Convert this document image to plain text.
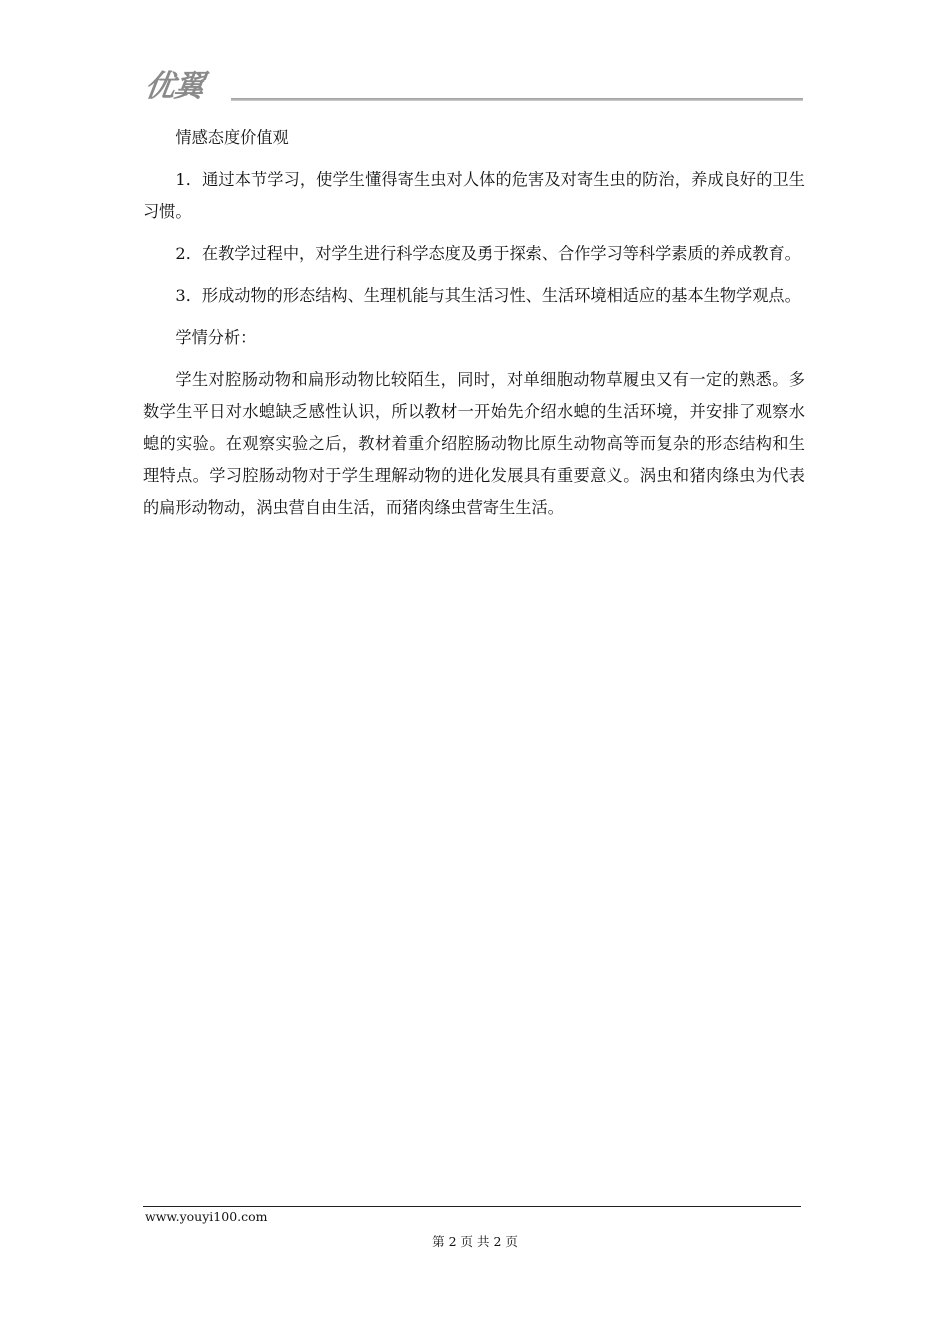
优翼

情感态度价值观

1．通过本节学习，使学生懂得寄生虫对人体的危害及对寄生虫的防治，养成良好的卫生习惯。

2．在教学过程中，对学生进行科学态度及勇于探索、合作学习等科学素质的养成教育。

3．形成动物的形态结构、生理机能与其生活习性、生活环境相适应的基本生物学观点。

学情分析：

学生对腔肠动物和扁形动物比较陌生，同时，对单细胞动物草履虫又有一定的熟悉。多数学生平日对水螅缺乏感性认识，所以教材一开始先介绍水螅的生活环境，并安排了观察水螅的实验。在观察实验之后，教材着重介绍腔肠动物比原生动物高等而复杂的形态结构和生理特点。学习腔肠动物对于学生理解动物的进化发展具有重要意义。涡虫和猪肉绦虫为代表的扁形动物动，涡虫营自由生活，而猪肉绦虫营寄生生活。

www.youyi100.com
第 2 页 共 2 页
